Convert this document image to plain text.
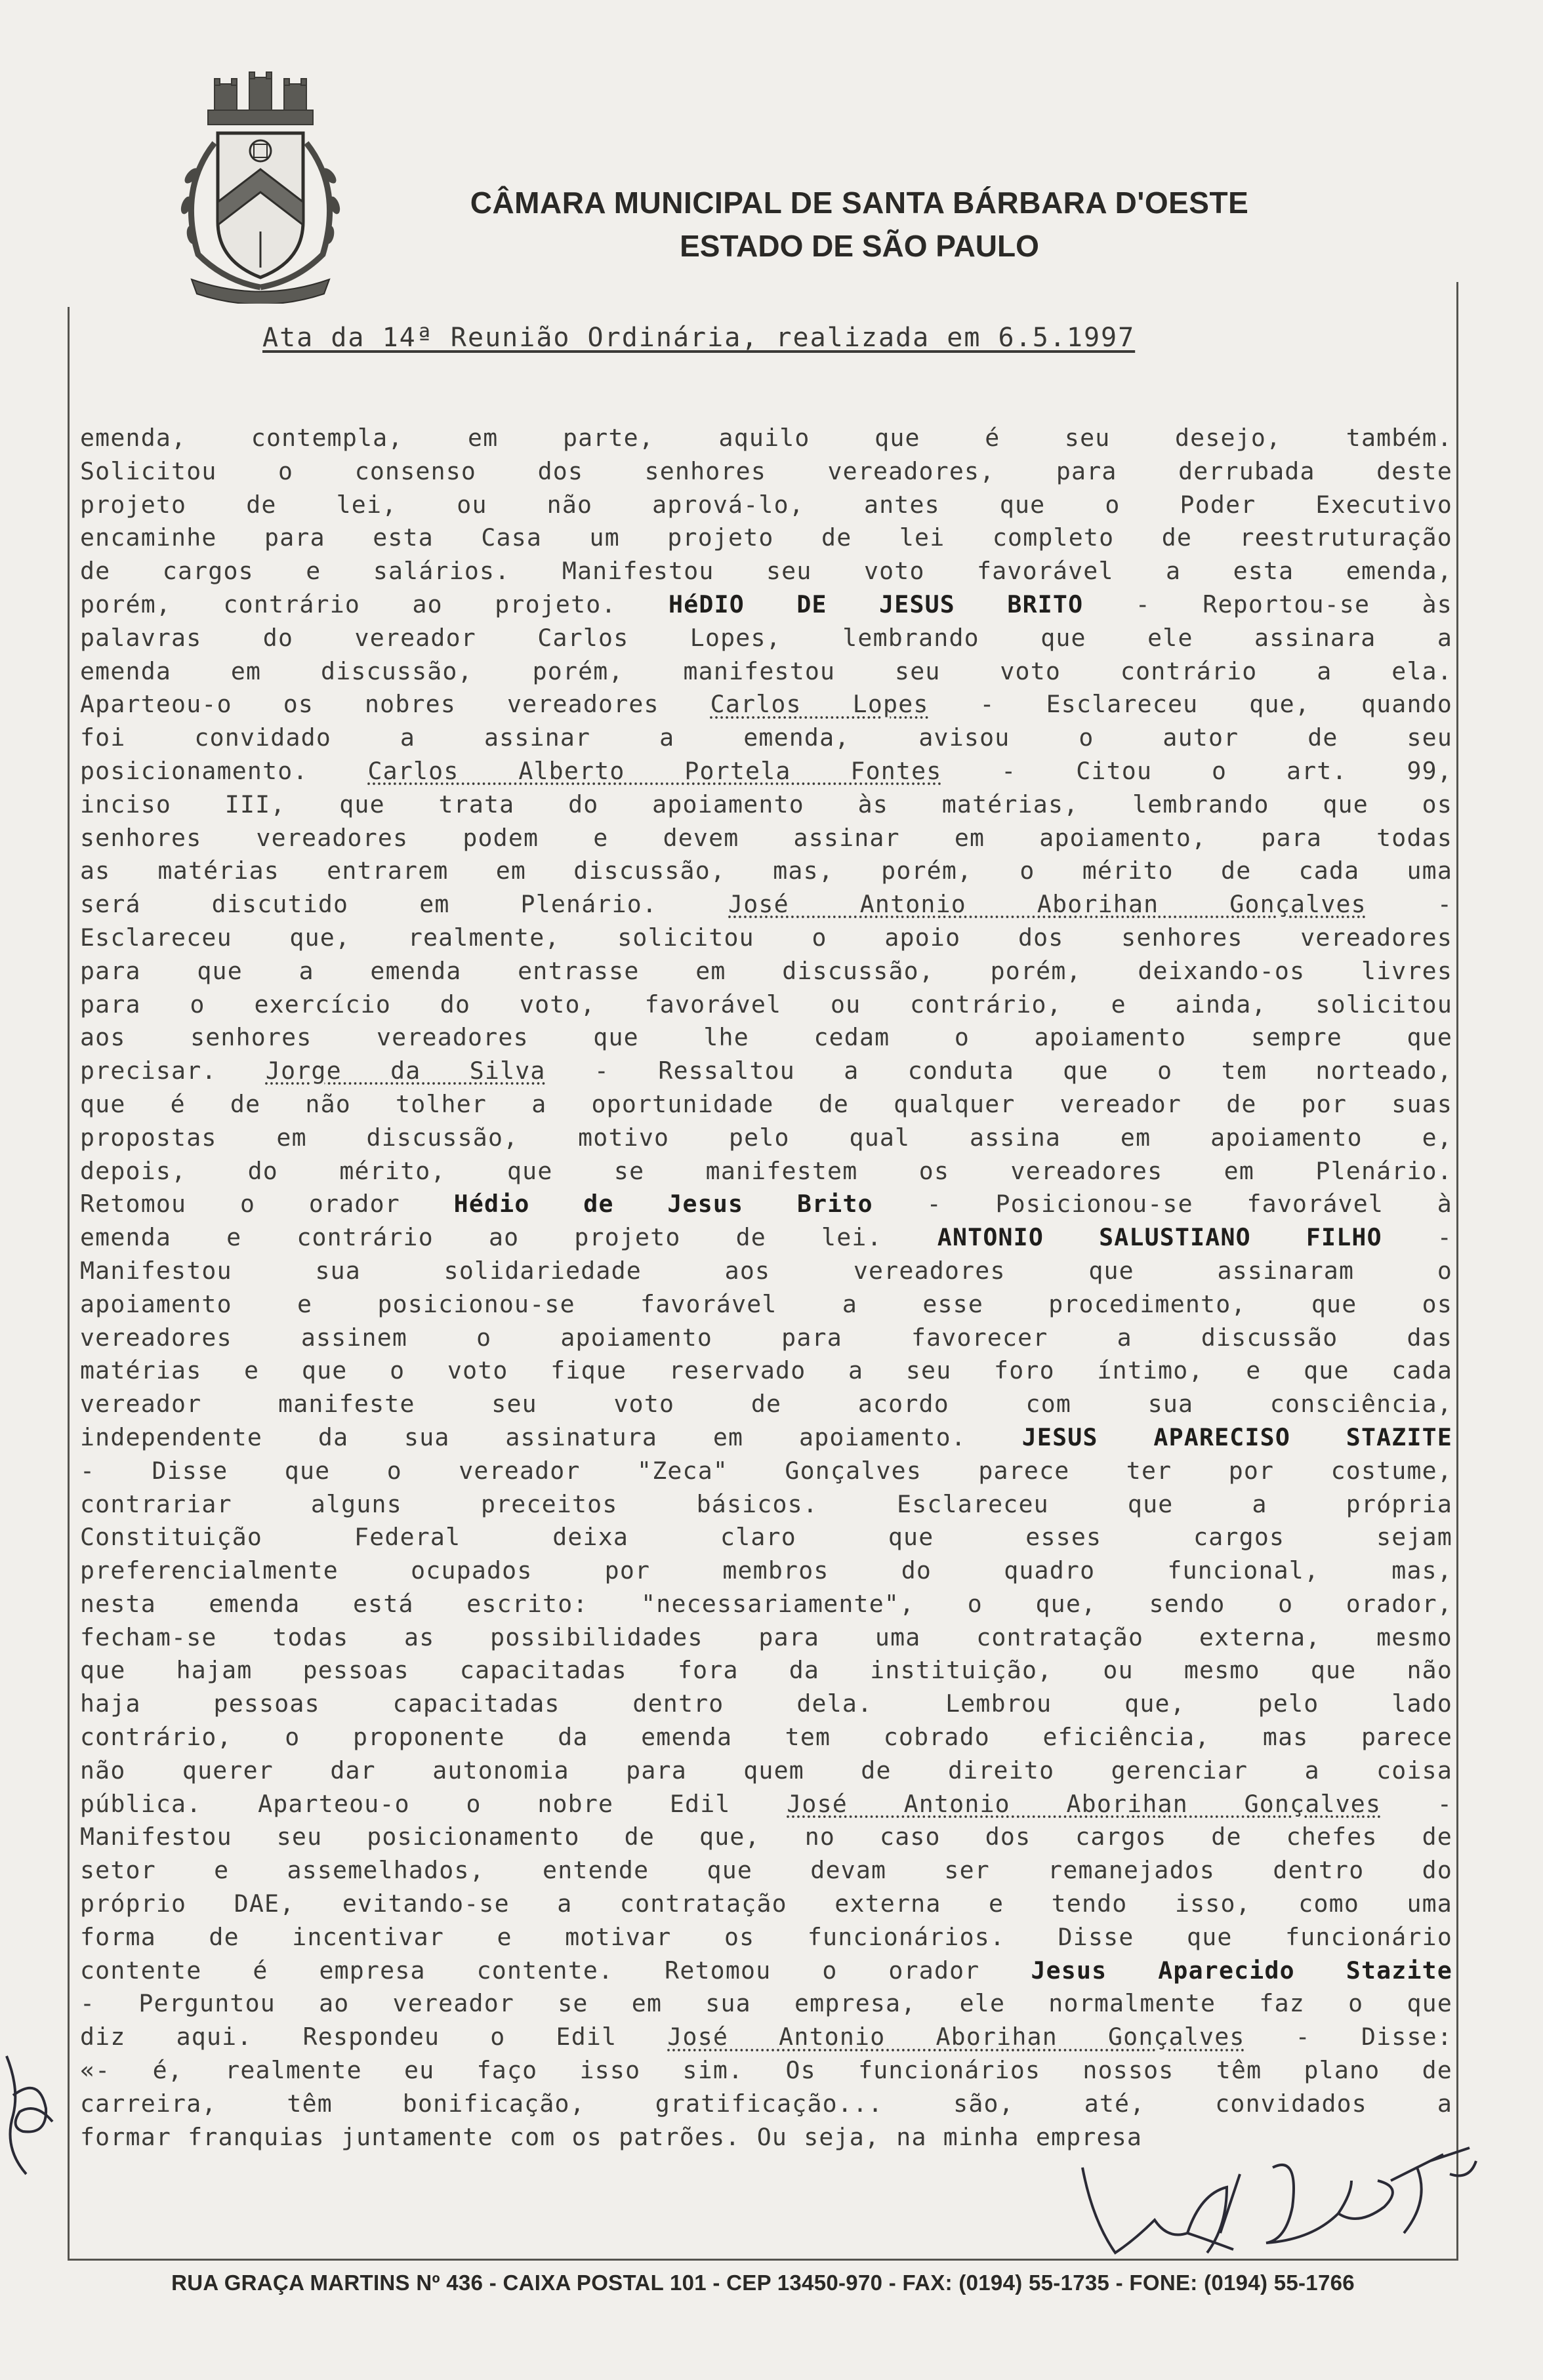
CÂMARA MUNICIPAL DE SANTA BÁRBARA D'OESTE
ESTADO DE SÃO PAULO
Ata da 14ª Reunião Ordinária, realizada em 6.5.1997
emenda, contempla, em parte, aquilo que é seu desejo, também.
Solicitou o consenso dos senhores vereadores, para derrubada deste
projeto de lei, ou não aprová-lo, antes que o Poder Executivo
encaminhe para esta Casa um projeto de lei completo de reestruturação
de cargos e salários. Manifestou seu voto favorável a esta emenda,
porém, contrário ao projeto. HéDIO DE JESUS BRITO - Reportou-se às
palavras do vereador Carlos Lopes, lembrando que ele assinara a
emenda em discussão, porém, manifestou seu voto contrário a ela.
Aparteou-o os nobres vereadores Carlos Lopes - Esclareceu que, quando
foi convidado a assinar a emenda, avisou o autor de seu
posicionamento. Carlos Alberto Portela Fontes - Citou o art. 99,
inciso III, que trata do apoiamento às matérias, lembrando que os
senhores vereadores podem e devem assinar em apoiamento, para todas
as matérias entrarem em discussão, mas, porém, o mérito de cada uma
será discutido em Plenário. José Antonio Aborihan Gonçalves -
Esclareceu que, realmente, solicitou o apoio dos senhores vereadores
para que a emenda entrasse em discussão, porém, deixando-os livres
para o exercício do voto, favorável ou contrário, e ainda, solicitou
aos senhores vereadores que lhe cedam o apoiamento sempre que
precisar. Jorge da Silva - Ressaltou a conduta que o tem norteado,
que é de não tolher a oportunidade de qualquer vereador de por suas
propostas em discussão, motivo pelo qual assina em apoiamento e,
depois, do mérito, que se manifestem os vereadores em Plenário.
Retomou o orador Hédio de Jesus Brito - Posicionou-se favorável à
emenda e contrário ao projeto de lei. ANTONIO SALUSTIANO FILHO -
Manifestou sua solidariedade aos vereadores que assinaram o
apoiamento e posicionou-se favorável a esse procedimento, que os
vereadores assinem o apoiamento para favorecer a discussão das
matérias e que o voto fique reservado a seu foro íntimo, e que cada
vereador manifeste seu voto de acordo com sua consciência,
independente da sua assinatura em apoiamento. JESUS APARECISO STAZITE
- Disse que o vereador "Zeca" Gonçalves parece ter por costume,
contrariar alguns preceitos básicos. Esclareceu que a própria
Constituição Federal deixa claro que esses cargos sejam
preferencialmente ocupados por membros do quadro funcional, mas,
nesta emenda está escrito: "necessariamente", o que, sendo o orador,
fecham-se todas as possibilidades para uma contratação externa, mesmo
que hajam pessoas capacitadas fora da instituição, ou mesmo que não
haja pessoas capacitadas dentro dela. Lembrou que, pelo lado
contrário, o proponente da emenda tem cobrado eficiência, mas parece
não querer dar autonomia para quem de direito gerenciar a coisa
pública. Aparteou-o o nobre Edil José Antonio Aborihan Gonçalves -
Manifestou seu posicionamento de que, no caso dos cargos de chefes de
setor e assemelhados, entende que devam ser remanejados dentro do
próprio DAE, evitando-se a contratação externa e tendo isso, como uma
forma de incentivar e motivar os funcionários. Disse que funcionário
contente é empresa contente. Retomou o orador Jesus Aparecido Stazite
- Perguntou ao vereador se em sua empresa, ele normalmente faz o que
diz aqui. Respondeu o Edil José Antonio Aborihan Gonçalves - Disse:
«- é, realmente eu faço isso sim. Os funcionários nossos têm plano de
carreira, têm bonificação, gratificação... são, até, convidados a
formar franquias juntamente com os patrões. Ou seja, na minha empresa
RUA GRAÇA MARTINS Nº 436 - CAIXA POSTAL 101 - CEP 13450-970 - FAX: (0194) 55-1735 - FONE: (0194) 55-1766
